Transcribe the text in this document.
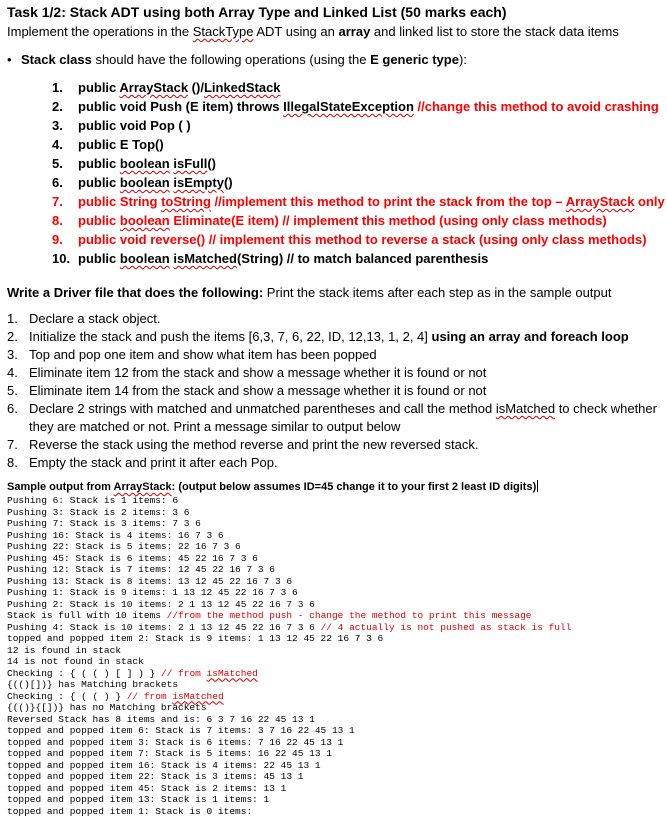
Task 1/2: Stack ADT using both Array Type and Linked List (50 marks each)
Implement the operations in the StackType ADT using an array and linked list to store the stack data items
• Stack class should have the following operations (using the E generic type):
1. public ArrayStack ()/LinkedStack
2. public void Push (E item) throws IllegalStateException //change this method to avoid crashing
3. public void Pop ( )
4. public E Top()
5. public boolean isFull()
6. public boolean isEmpty()
7. public String toString //implement this method to print the stack from the top – ArrayStack only
8. public boolean Eliminate(E item) // implement this method (using only class methods)
9. public void reverse() // implement this method to reverse a stack (using only class methods)
10. public boolean isMatched(String) // to match balanced parenthesis
Write a Driver file that does the following: Print the stack items after each step as in the sample output
1. Declare a stack object.
2. Initialize the stack and push the items [6,3, 7, 6, 22, ID, 12,13, 1, 2, 4] using an array and foreach loop
3. Top and pop one item and show what item has been popped
4. Eliminate item 12 from the stack and show a message whether it is found or not
5. Eliminate item 14 from the stack and show a message whether it is found or not
6. Declare 2 strings with matched and unmatched parentheses and call the method isMatched to check whether they are matched or not. Print a message similar to output below
7. Reverse the stack using the method reverse and print the new reversed stack.
8. Empty the stack and print it after each Pop.
Sample output from ArrayStack: (output below assumes ID=45 change it to your first 2 least ID digits)
Pushing 6: Stack is 1 items: 6
Pushing 3: Stack is 2 items: 3 6
Pushing 7: Stack is 3 items: 7 3 6
Pushing 16: Stack is 4 items: 16 7 3 6
Pushing 22: Stack is 5 items: 22 16 7 3 6
Pushing 45: Stack is 6 items: 45 22 16 7 3 6
Pushing 12: Stack is 7 items: 12 45 22 16 7 3 6
Pushing 13: Stack is 8 items: 13 12 45 22 16 7 3 6
Pushing 1: Stack is 9 items: 1 13 12 45 22 16 7 3 6
Pushing 2: Stack is 10 items: 2 1 13 12 45 22 16 7 3 6
Stack is full with 10 items //from the method push - change the method to print this message
Pushing 4: Stack is 10 items: 2 1 13 12 45 22 16 7 3 6 // 4 actually is not pushed as stack is full
topped and popped item 2: Stack is 9 items: 1 13 12 45 22 16 7 3 6
12 is found in stack
14 is not found in stack
Checking : { ( ( ) [ ] ) } // from isMatched
{(()[])} has Matching brackets
Checking : { ( ( ) } // from isMatched
{(()}{[])} has no Matching brackets
Reversed Stack has 8 items and is: 6 3 7 16 22 45 13 1
topped and popped item 6: Stack is 7 items: 3 7 16 22 45 13 1
topped and popped item 3: Stack is 6 items: 7 16 22 45 13 1
topped and popped item 7: Stack is 5 items: 16 22 45 13 1
topped and popped item 16: Stack is 4 items: 22 45 13 1
topped and popped item 22: Stack is 3 items: 45 13 1
topped and popped item 45: Stack is 2 items: 13 1
topped and popped item 13: Stack is 1 items: 1
topped and popped item 1: Stack is 0 items:
